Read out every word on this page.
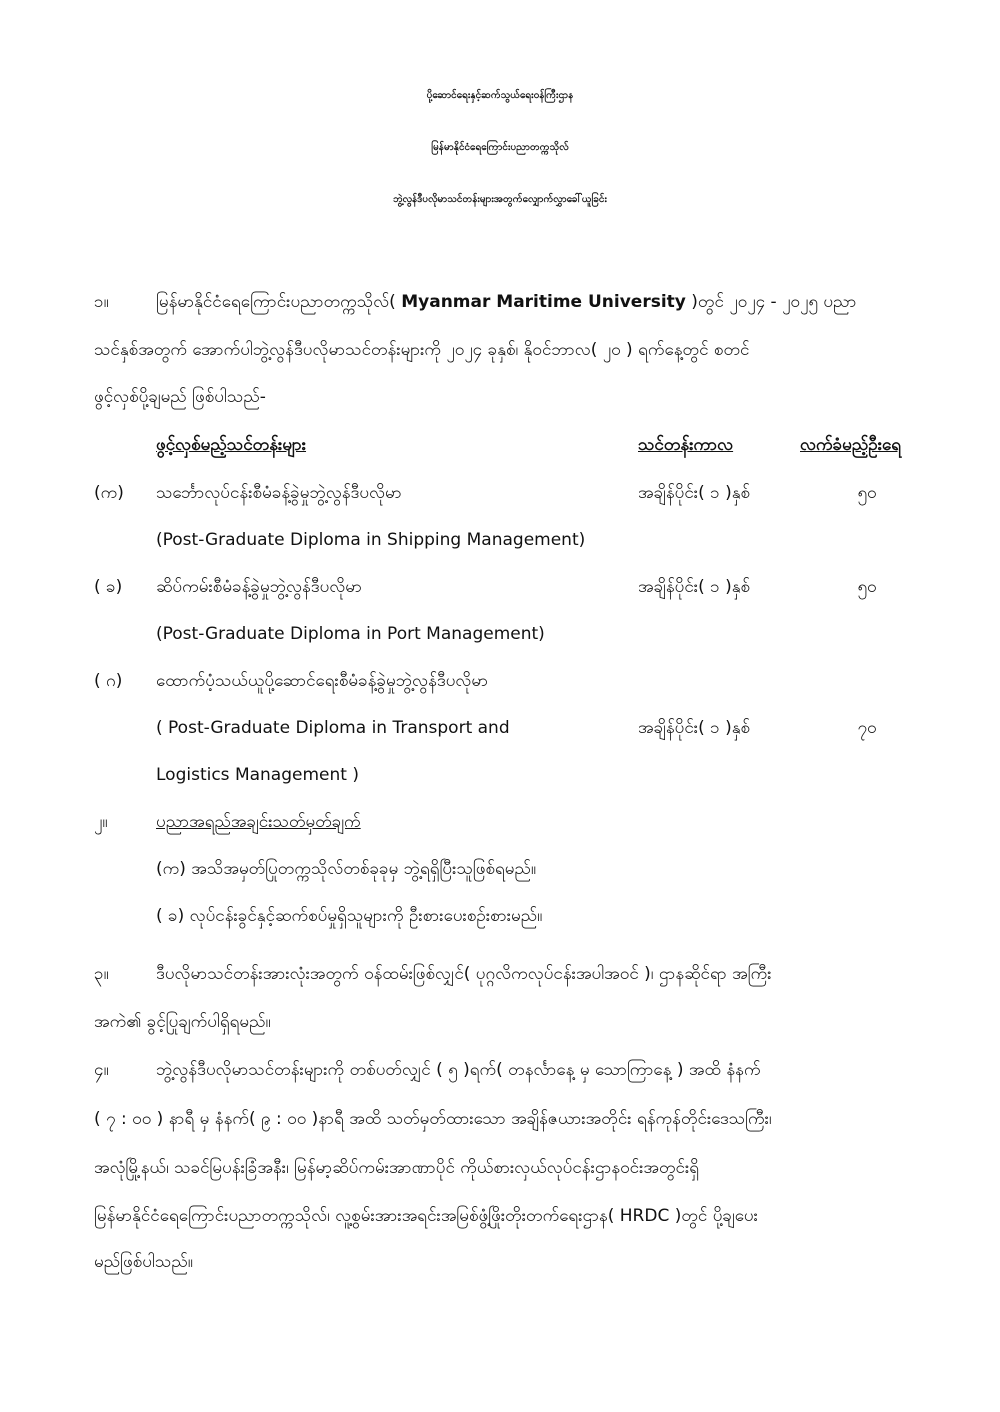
ပို့ဆောင်ရေးနှင့်ဆက်သွယ်ရေးဝန်ကြီးဌာန
မြန်မာနိုင်ငံရေကြောင်းပညာတက္ကသိုလ်
ဘွဲ့လွန်ဒီပလိုမာသင်တန်းများအတွက်လျှောက်လွှာခေါ်ယူခြင်း
၁။	မြန်မာနိုင်ငံရေကြောင်းပညာတက္ကသိုလ်( Myanmar Maritime University )တွင် ၂၀၂၄ - ၂၀၂၅ ပညာ
သင်နှစ်အတွက် အောက်ပါဘွဲ့လွန်ဒီပလိုမာသင်တန်းများကို ၂၀၂၄ ခုနှစ်၊ နိုဝင်ဘာလ( ၂၀ ) ရက်နေ့တွင် စတင်
ဖွင့်လှစ်ပို့ချမည် ဖြစ်ပါသည်-
ဖွင့်လှစ်မည့်သင်တန်းများ	သင်တန်းကာလ	လက်ခံမည့်ဦးရေ
(က) သင်္ဘောလုပ်ငန်းစီမံခန့်ခွဲမှုဘွဲ့လွန်ဒီပလိုမာ	အချိန်ပိုင်း( ၁ )နှစ်	၅၀
(Post-Graduate Diploma in Shipping Management)
( ခ) ဆိပ်ကမ်းစီမံခန့်ခွဲမှုဘွဲ့လွန်ဒီပလိုမာ	အချိန်ပိုင်း( ၁ )နှစ်	၅၀
(Post-Graduate Diploma in Port Management)
( ဂ) ထောက်ပံ့သယ်ယူပို့ဆောင်ရေးစီမံခန့်ခွဲမှုဘွဲ့လွန်ဒီပလိုမာ
( Post-Graduate Diploma in Transport and	အချိန်ပိုင်း( ၁ )နှစ်	၇၀
Logistics Management )
၂။	ပညာအရည်အချင်းသတ်မှတ်ချက်
(က) အသိအမှတ်ပြုတက္ကသိုလ်တစ်ခုခုမှ ဘွဲ့ရရှိပြီးသူဖြစ်ရမည်။
( ခ) လုပ်ငန်းခွင်နှင့်ဆက်စပ်မှုရှိသူများကို ဦးစားပေးစဉ်းစားမည်။
၃။	ဒီပလိုမာသင်တန်းအားလုံးအတွက် ဝန်ထမ်းဖြစ်လျှင်( ပုဂ္ဂလိကလုပ်ငန်းအပါအဝင် )၊ ဌာနဆိုင်ရာ အကြီး
အကဲ၏ ခွင့်ပြုချက်ပါရှိရမည်။
၄။	ဘွဲ့လွန်ဒီပလိုမာသင်တန်းများကို တစ်ပတ်လျှင် ( ၅ )ရက်( တနင်္လာနေ့ မှ သောကြာနေ့ ) အထိ နံနက်
( ၇ : ၀၀ ) နာရီ မှ နံနက်( ၉ : ၀၀ )နာရီ အထိ သတ်မှတ်ထားသော အချိန်ဇယားအတိုင်း ရန်ကုန်တိုင်းဒေသကြီး၊
အလုံမြို့နယ်၊ သခင်မြပန်းခြံအနီး၊ မြန်မာ့ဆိပ်ကမ်းအာဏာပိုင် ကိုယ်စားလှယ်လုပ်ငန်းဌာနဝင်းအတွင်းရှိ
မြန်မာနိုင်ငံရေကြောင်းပညာတက္ကသိုလ်၊ လူ့စွမ်းအားအရင်းအမြစ်ဖွံ့ဖြိုးတိုးတက်ရေးဌာန( HRDC )တွင် ပို့ချပေး
မည်ဖြစ်ပါသည်။
